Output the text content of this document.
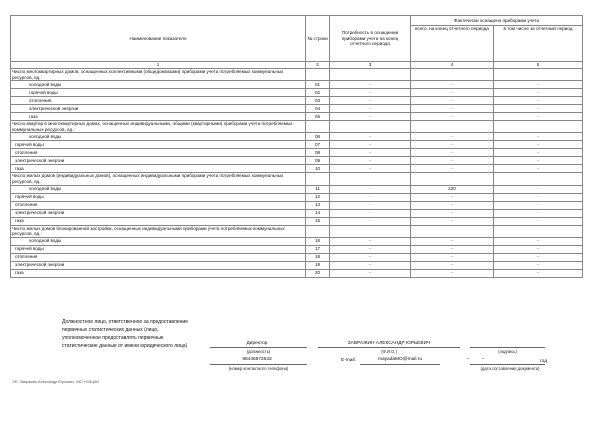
Наименование показателя	№ строки	Потребность в оснащении приборами учета на конец отчетного периода	Фактически оснащено приборами учета	
			всего, на конец отчетного периода	в том числе за отчетный период
1	2	3	4	5
Число многоквартирных домов, оснащенных коллективными (общедомовыми) приборами учета потребляемых коммунальных ресурсов, ед.:				
холодной воды	01	-	-	-
горячей воды	02	-	-	-
отопления	03	-	-	-
электрической энергии	04	-	-	-
газа	05	-	-	-
Число квартир в многоквартирных домах, оснащенных индивидуальными, общими (квартирными) приборами учета потребляемых коммунальных ресурсов, ед.:				
холодной воды	06	-	-	-
горячей воды	07	-	-	-
отопления	08	-	-	-
электрической энергии	09	-	-	-
газа	10	-	-	-
Число жилых домов (индивидуальных домов), оснащенных индивидуальными приборами учета потребляемых коммунальных ресурсов, ед.:				
холодной воды	11	-	220	-
горячей воды	12	-	-	-
отопления	13	-	-	-
электрической энергии	14	-	-	-
газа	15	-	-	-
Число жилых домов блокированной застройки, оснащенных индивидуальными приборами учета потребляемых коммунальных ресурсов, ед.:				
холодной воды	16	-	-	-
горячей воды	17	-	-	-
отопления	18	-	-	-
электрической энергии	19	-	-	-
газа	20	-	-	-
Должностное лицо, ответственное за предоставление первичных статистических данных (лицо, уполномоченное предоставлять первичные статистические данные от имени юридического лица)	Директор
(должность)
ЗАВРАЖИН АЛЕКСАНДР ЮРЬЕВИЧ
(Ф.И.О.)	(подпись)
88445872633
(номер контактного телефона)
E-mail:	mayadaMO@mail.ru	"	"	год
(дата составления документа)
ЭП: Завражин Александр Юрьевич, МО УЧИЦКИ
